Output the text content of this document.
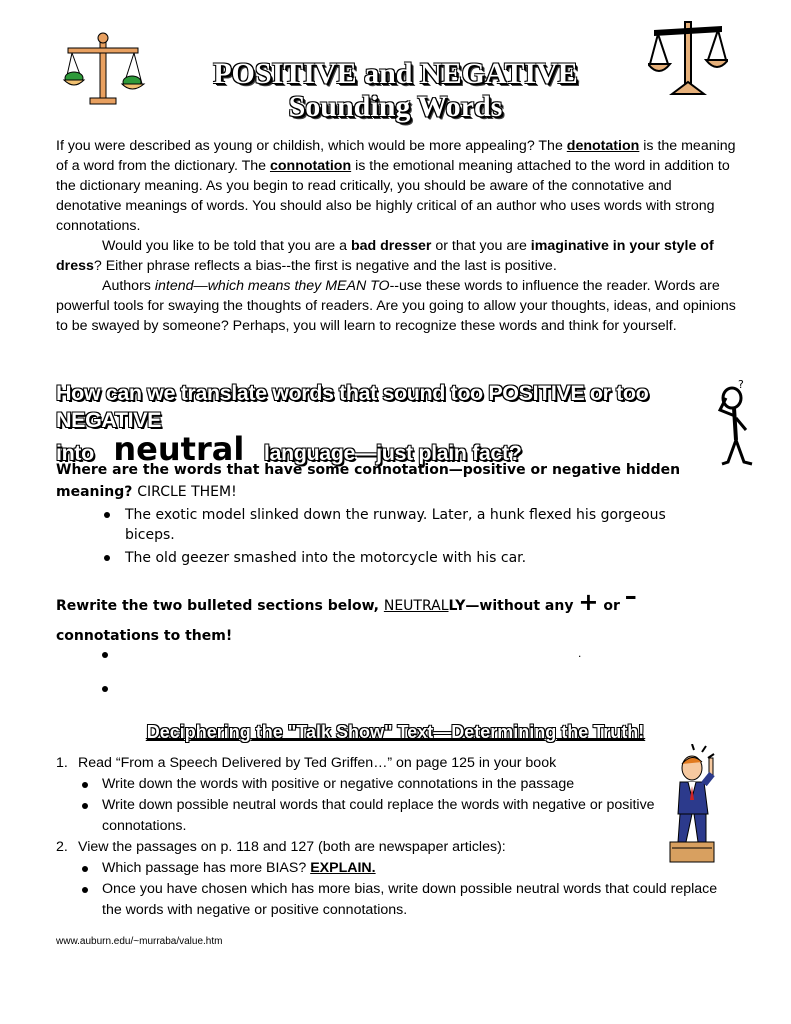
POSITIVE and NEGATIVE
Sounding Words
If you were described as young or childish, which would be more appealing? The denotation is the meaning of a word from the dictionary. The connotation is the emotional meaning attached to the word in addition to the dictionary meaning. As you begin to read critically, you should be aware of the connotative and denotative meanings of words. You should also be highly critical of an author who uses words with strong connotations.
Would you like to be told that you are a bad dresser or that you are imaginative in your style of dress? Either phrase reflects a bias--the first is negative and the last is positive.
Authors intend—which means they MEAN TO--use these words to influence the reader. Words are powerful tools for swaying the thoughts of readers. Are you going to allow your thoughts, ideas, and opinions to be swayed by someone? Perhaps, you will learn to recognize these words and think for yourself.
How can we translate words that sound too POSITIVE or too NEGATIVE
into neutral language—just plain fact?
?
Where are the words that have some connotation—positive or negative hidden meaning? CIRCLE THEM!
The exotic model slinked down the runway. Later, a hunk flexed his gorgeous biceps.
The old geezer smashed into the motorcycle with his car.
Rewrite the two bulleted sections below, NEUTRALLY—without any + or –
connotations to them!
.
Deciphering the "Talk Show" Text—Determining the Truth!
1. Read “From a Speech Delivered by Ted Griffen…” on page 125 in your book
Write down the words with positive or negative connotations in the passage
Write down possible neutral words that could replace the words with negative or positive connotations.
2. View the passages on p. 118 and 127 (both are newspaper articles):
Which passage has more BIAS? EXPLAIN.
Once you have chosen which has more bias, write down possible neutral words that could replace the words with negative or positive connotations.
www.auburn.edu/~murraba/value.htm
